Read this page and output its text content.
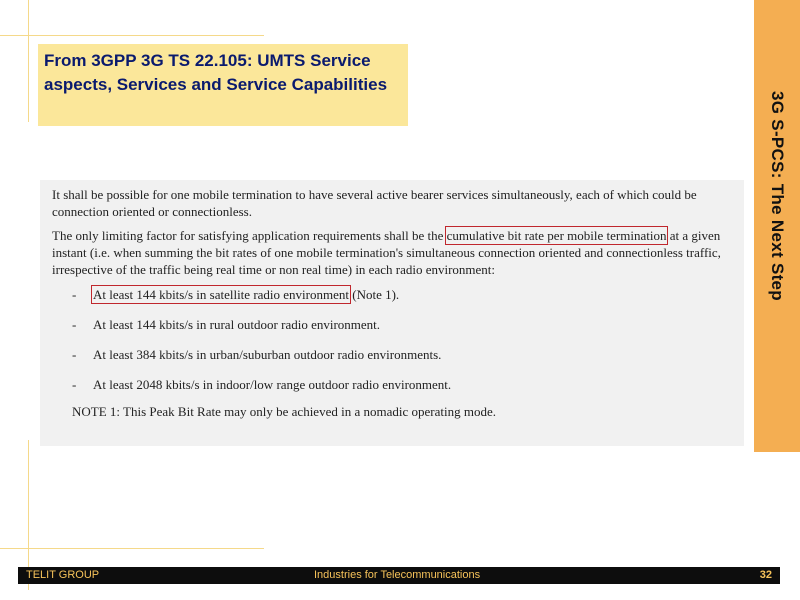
From 3GPP 3G TS 22.105: UMTS Service aspects, Services and Service Capabilities
3G S-PCS: The Next Step

It shall be possible for one mobile termination to have several active bearer services simultaneously, each of which could be connection oriented or connectionless.

The only limiting factor for satisfying application requirements shall be the cumulative bit rate per mobile termination at a given instant (i.e. when summing the bit rates of one mobile termination's simultaneous connection oriented and connectionless traffic, irrespective of the traffic being real time or non real time) in each radio environment:

- At least 144 kbits/s in satellite radio environment (Note 1).
- At least 144 kbits/s in rural outdoor radio environment.
- At least 384 kbits/s in urban/suburban outdoor radio environments.
- At least 2048 kbits/s in indoor/low range outdoor radio environment.

NOTE 1: This Peak Bit Rate may only be achieved in a nomadic operating mode.

TELIT GROUP	Industries for Telecommunications	32
